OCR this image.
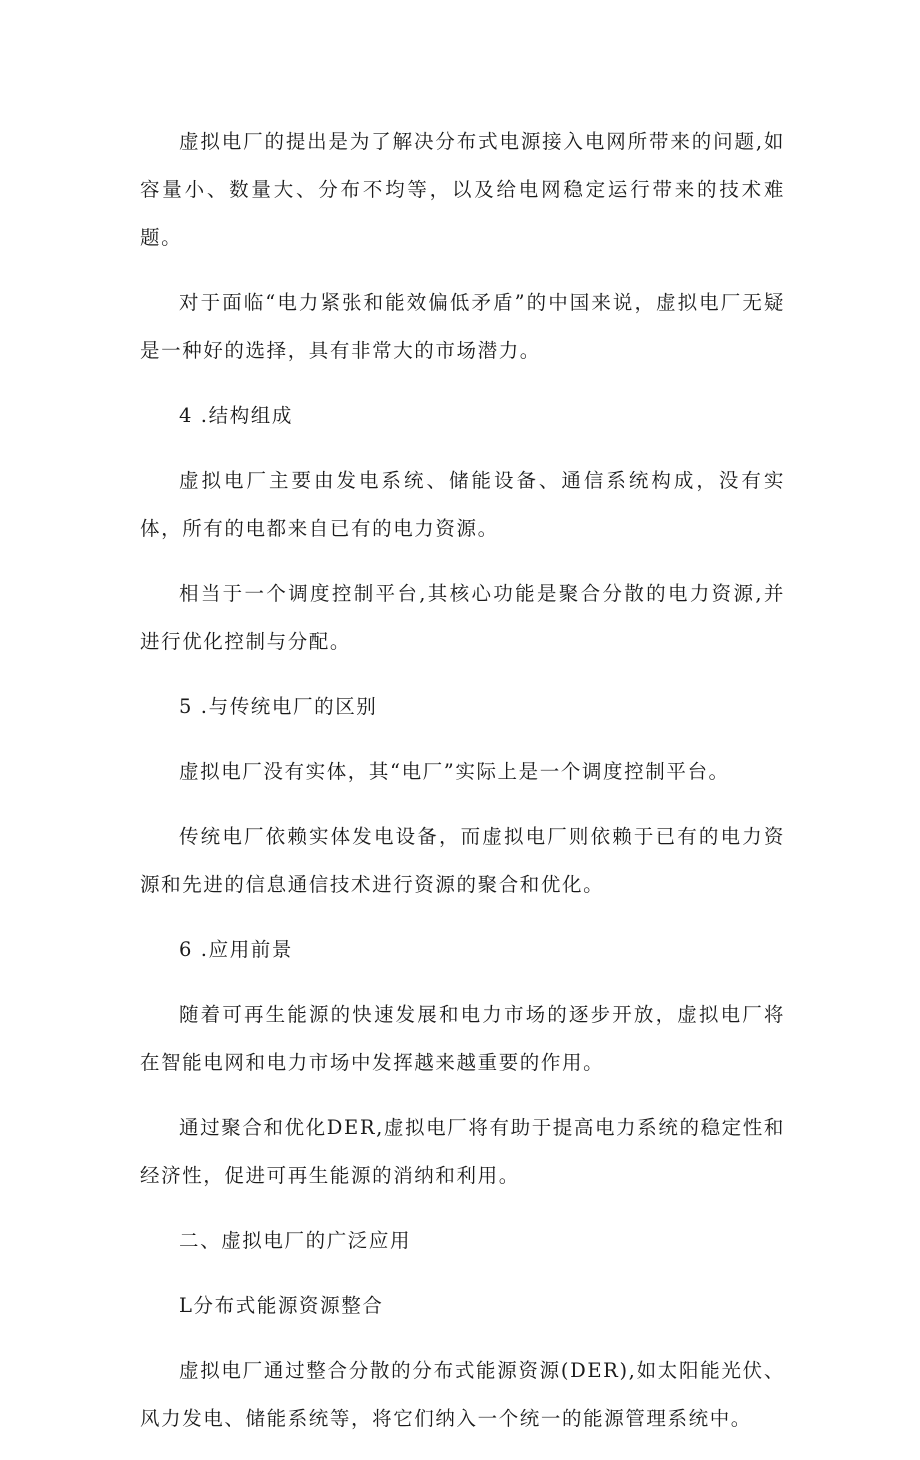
虚拟电厂的提出是为了解决分布式电源接入电网所带来的问题,如容量小、数量大、分布不均等，以及给电网稳定运行带来的技术难题。

对于面临“电力紧张和能效偏低矛盾”的中国来说，虚拟电厂无疑是一种好的选择，具有非常大的市场潜力。

4 .结构组成

虚拟电厂主要由发电系统、储能设备、通信系统构成，没有实体，所有的电都来自已有的电力资源。

相当于一个调度控制平台,其核心功能是聚合分散的电力资源,并进行优化控制与分配。

5 .与传统电厂的区别

虚拟电厂没有实体，其“电厂”实际上是一个调度控制平台。

传统电厂依赖实体发电设备，而虚拟电厂则依赖于已有的电力资源和先进的信息通信技术进行资源的聚合和优化。

6 .应用前景

随着可再生能源的快速发展和电力市场的逐步开放，虚拟电厂将在智能电网和电力市场中发挥越来越重要的作用。

通过聚合和优化DER,虚拟电厂将有助于提高电力系统的稳定性和经济性，促进可再生能源的消纳和利用。

二、虚拟电厂的广泛应用

L分布式能源资源整合

虚拟电厂通过整合分散的分布式能源资源(DER),如太阳能光伏、风力发电、储能系统等，将它们纳入一个统一的能源管理系统中。
